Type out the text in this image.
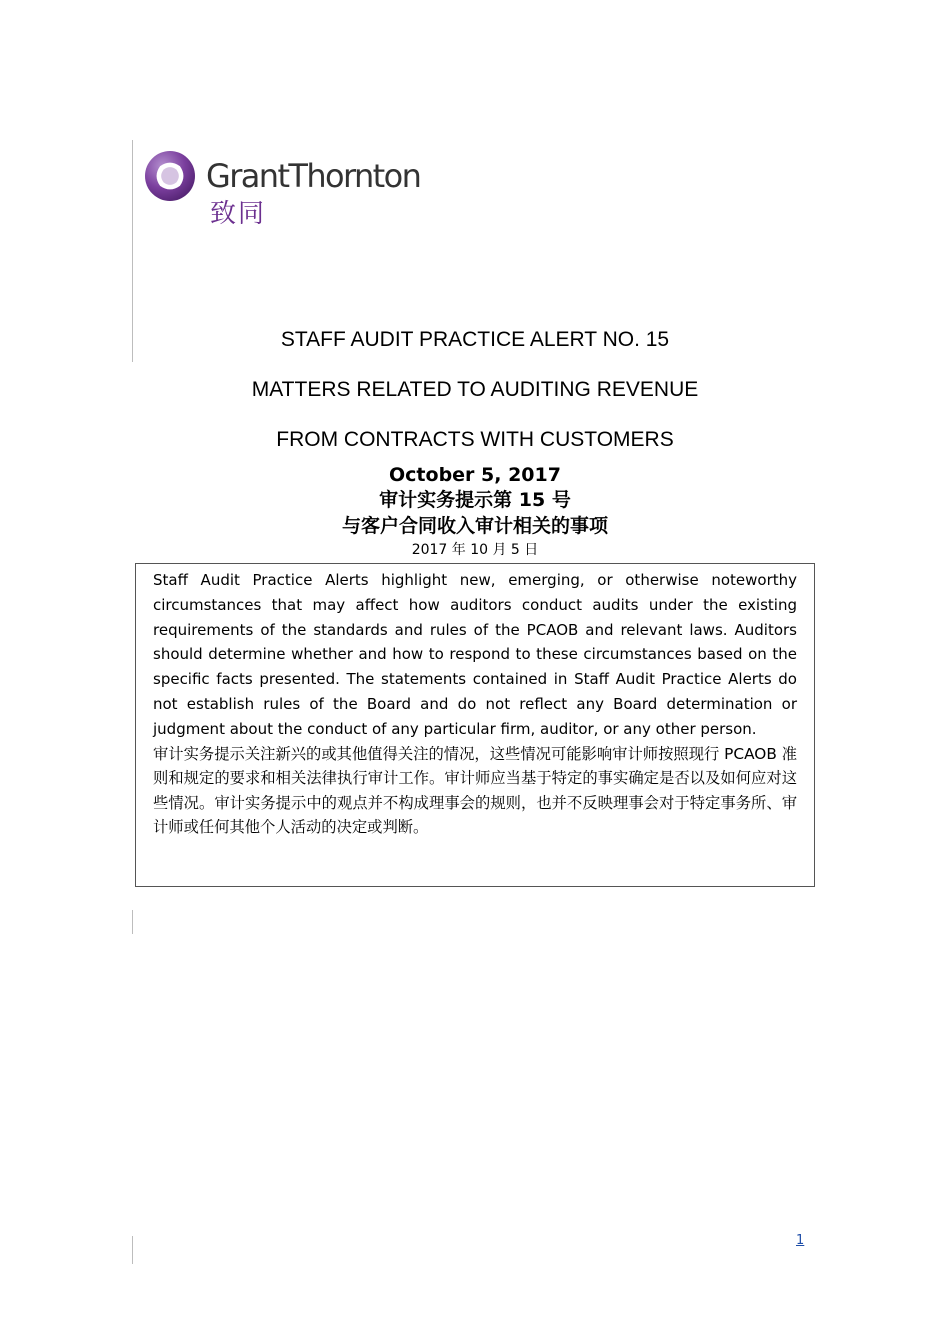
GrantThornton
致同
STAFF AUDIT PRACTICE ALERT NO. 15
MATTERS RELATED TO AUDITING REVENUE
FROM CONTRACTS WITH CUSTOMERS
October 5, 2017
审计实务提示第 15 号
与客户合同收入审计相关的事项
2017 年 10 月 5 日

Staff Audit Practice Alerts highlight new, emerging, or otherwise noteworthy circumstances that may affect how auditors conduct audits under the existing requirements of the standards and rules of the PCAOB and relevant laws. Auditors should determine whether and how to respond to these circumstances based on the specific facts presented. The statements contained in Staff Audit Practice Alerts do not establish rules of the Board and do not reflect any Board determination or judgment about the conduct of any particular firm, auditor, or any other person.

审计实务提示关注新兴的或其他值得关注的情况，这些情况可能影响审计师按照现行 PCAOB 准则和规定的要求和相关法律执行审计工作。审计师应当基于特定的事实确定是否以及如何应对这些情况。审计实务提示中的观点并不构成理事会的规则，也并不反映理事会对于特定事务所、审计师或任何其他个人活动的决定或判断。

1
